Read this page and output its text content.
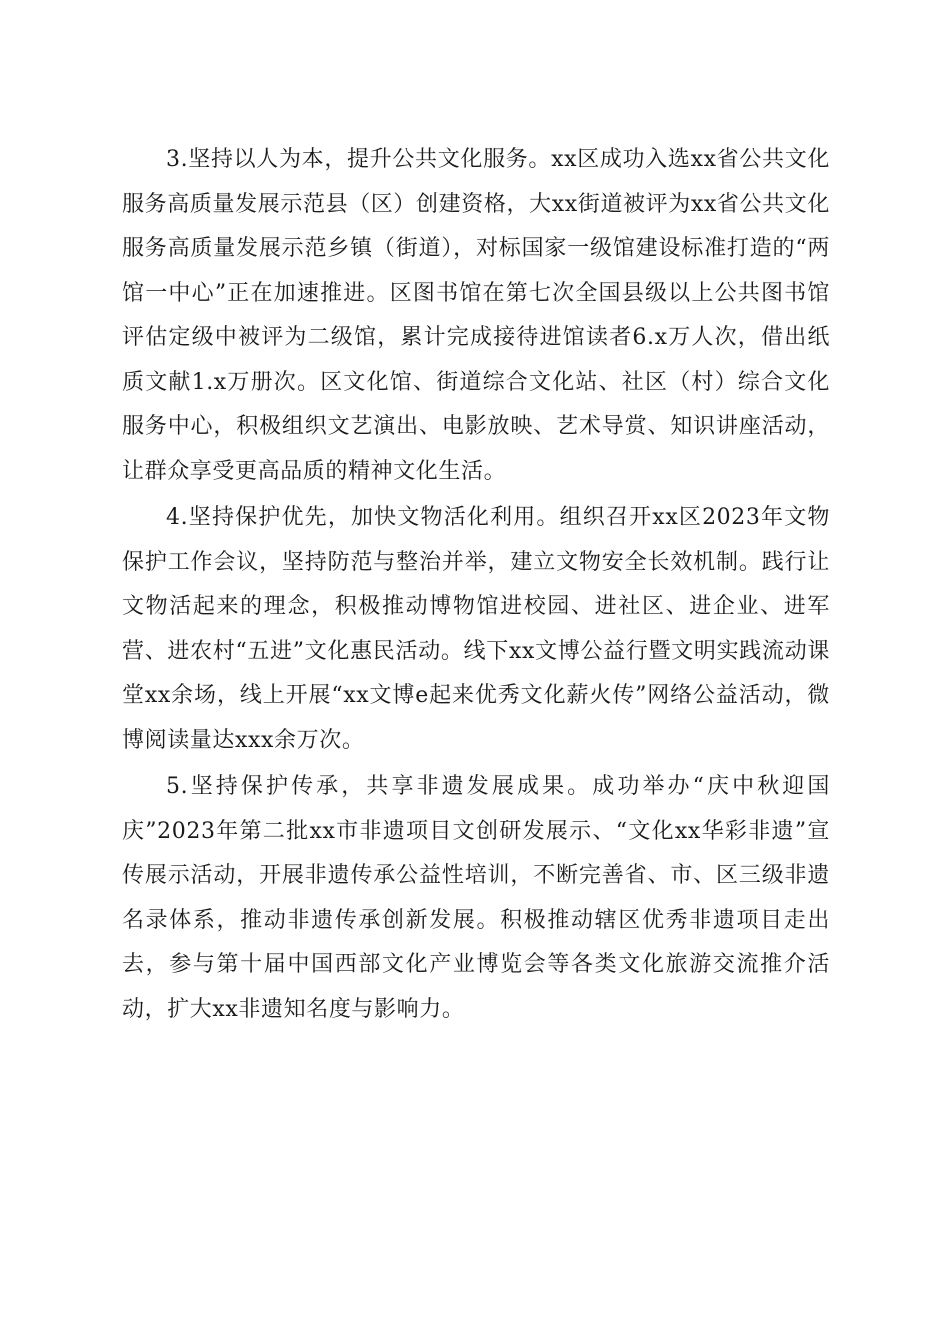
3.坚持以人为本，提升公共文化服务。xx区成功入选xx省公共文化服务高质量发展示范县（区）创建资格，大xx街道被评为xx省公共文化服务高质量发展示范乡镇（街道），对标国家一级馆建设标准打造的“两馆一中心”正在加速推进。区图书馆在第七次全国县级以上公共图书馆评估定级中被评为二级馆，累计完成接待进馆读者6.x万人次，借出纸质文献1.x万册次。区文化馆、街道综合文化站、社区（村）综合文化服务中心，积极组织文艺演出、电影放映、艺术导赏、知识讲座活动，让群众享受更高品质的精神文化生活。

4.坚持保护优先，加快文物活化利用。组织召开xx区2023年文物保护工作会议，坚持防范与整治并举，建立文物安全长效机制。践行让文物活起来的理念，积极推动博物馆进校园、进社区、进企业、进军营、进农村“五进”文化惠民活动。线下xx文博公益行暨文明实践流动课堂xx余场，线上开展“xx文博e起来优秀文化薪火传”网络公益活动，微博阅读量达xxx余万次。

5.坚持保护传承，共享非遗发展成果。成功举办“庆中秋迎国庆”2023年第二批xx市非遗项目文创研发展示、“文化xx华彩非遗”宣传展示活动，开展非遗传承公益性培训，不断完善省、市、区三级非遗名录体系，推动非遗传承创新发展。积极推动辖区优秀非遗项目走出去，参与第十届中国西部文化产业博览会等各类文化旅游交流推介活动，扩大xx非遗知名度与影响力。
